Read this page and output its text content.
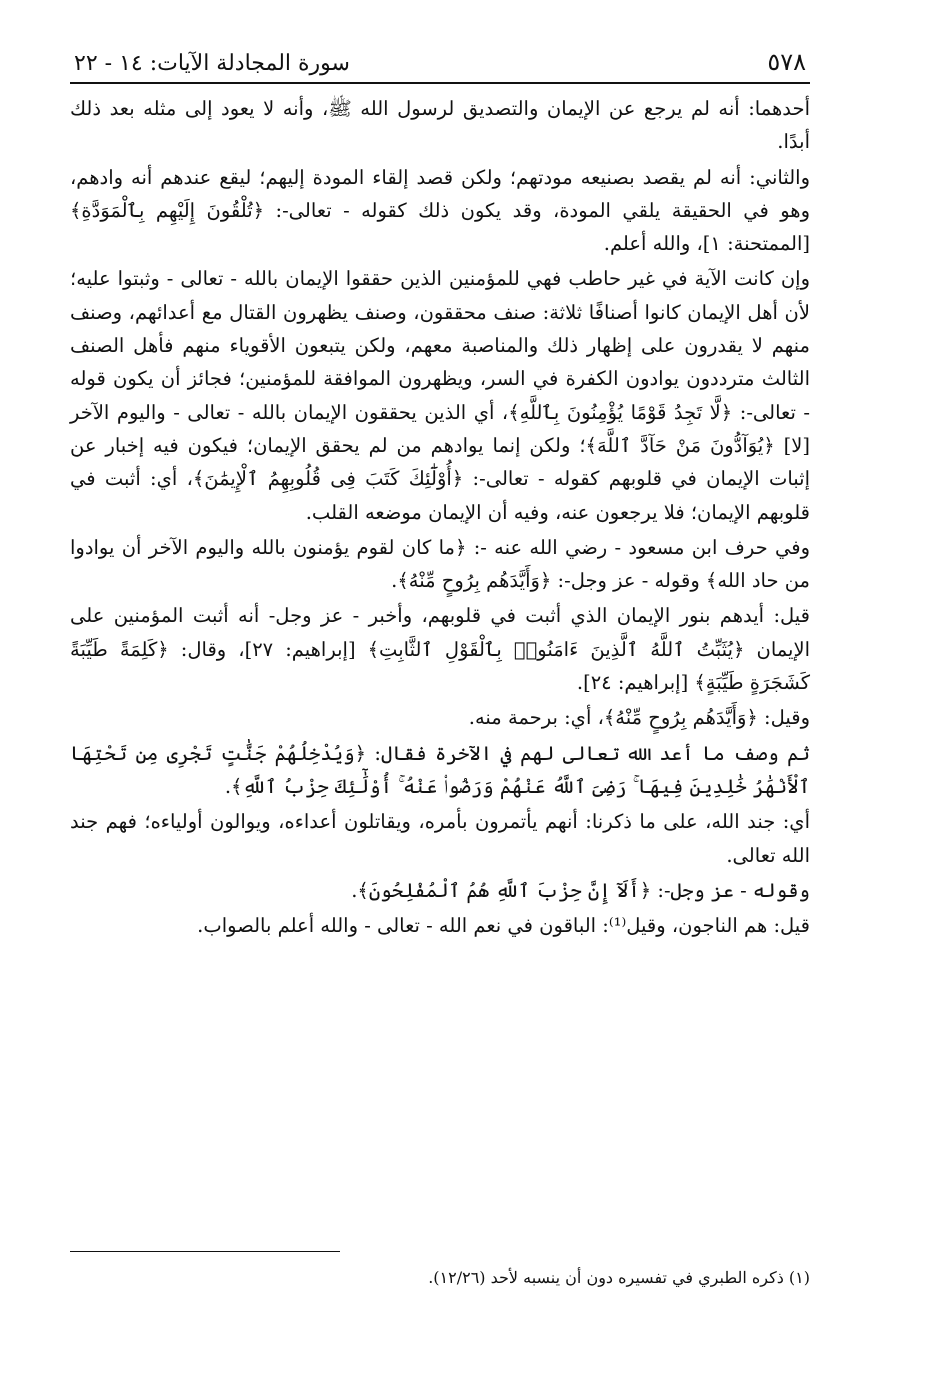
٥٧٨
سورة المجادلة الآيات: ١٤ - ٢٢

أحدهما: أنه لم يرجع عن الإيمان والتصديق لرسول الله ﷺ، وأنه لا يعود إلى مثله بعد ذلك أبدًا.

والثاني: أنه لم يقصد بصنيعه مودتهم؛ ولكن قصد إلقاء المودة إليهم؛ ليقع عندهم أنه وادهم، وهو في الحقيقة يلقي المودة، وقد يكون ذلك كقوله - تعالى-: ﴿تُلْقُونَ إِلَيْهِم بِٱلْمَوَدَّةِ﴾ [الممتحنة: ١]، والله أعلم.

وإن كانت الآية في غير حاطب فهي للمؤمنين الذين حققوا الإيمان بالله - تعالى - وثبتوا عليه؛ لأن أهل الإيمان كانوا أصنافًا ثلاثة: صنف محققون، وصنف يظهرون القتال مع أعدائهم، وصنف منهم لا يقدرون على إظهار ذلك والمناصبة معهم، ولكن يتبعون الأقوياء منهم فأهل الصنف الثالث مترددون يوادون الكفرة في السر، ويظهرون الموافقة للمؤمنين؛ فجائز أن يكون قوله - تعالى-: ﴿لَّا تَجِدُ قَوْمًا يُؤْمِنُونَ بِٱللَّهِ﴾، أي الذين يحققون الإيمان بالله - تعالى - واليوم الآخر [لا] ﴿يُوَآدُّونَ مَنْ حَآدَّ ٱللَّهَ﴾؛ ولكن إنما يوادهم من لم يحقق الإيمان؛ فيكون فيه إخبار عن إثبات الإيمان في قلوبهم كقوله - تعالى-: ﴿أُوْلَٰٓئِكَ كَتَبَ فِى قُلُوبِهِمُ ٱلْإِيمَٰنَ﴾، أي: أثبت في قلوبهم الإيمان؛ فلا يرجعون عنه، وفيه أن الإيمان موضعه القلب.

وفي حرف ابن مسعود - رضي الله عنه -: ﴿ما كان لقوم يؤمنون بالله واليوم الآخر أن يوادوا من حاد الله﴾ وقوله - عز وجل-: ﴿وَأَيَّدَهُم بِرُوحٍ مِّنْهُ﴾.

قيل: أيدهم بنور الإيمان الذي أثبت في قلوبهم، وأخبر - عز وجل- أنه أثبت المؤمنين على الإيمان ﴿يُثَبِّتُ ٱللَّهُ ٱلَّذِينَ ءَامَنُوا۟ بِٱلْقَوْلِ ٱلثَّابِتِ﴾ [إبراهيم: ٢٧]، وقال: ﴿كَلِمَةً طَيِّبَةً كَشَجَرَةٍ طَيِّبَةٍ﴾ [إبراهيم: ٢٤].

وقيل: ﴿وَأَيَّدَهُم بِرُوحٍ مِّنْهُ﴾، أي: برحمة منه.

ثم وصف ما أعد الله تعالى لهم في الآخرة فقال: ﴿وَيُدْخِلُهُمْ جَنَّٰتٍ تَجْرِى مِن تَحْتِهَا ٱلْأَنْهَٰرُ خَٰلِدِينَ فِيهَا ۚ رَضِىَ ٱللَّهُ عَنْهُمْ وَرَضُوا۟ عَنْهُ ۚ أُوْلَٰٓئِكَ حِزْبُ ٱللَّهِ﴾.

أي: جند الله، على ما ذكرنا: أنهم يأتمرون بأمره، ويقاتلون أعداءه، ويوالون أولياءه؛ فهم جند الله تعالى.

وقوله - عز وجل-: ﴿أَلَآ إِنَّ حِزْبَ ٱللَّهِ هُمُ ٱلْمُفْلِحُونَ﴾.

قيل: هم الناجون، وقيل⁽¹⁾: الباقون في نعم الله - تعالى - والله أعلم بالصواب.

(١) ذكره الطبري في تفسيره دون أن ينسبه لأحد (١٢/٢٦).
